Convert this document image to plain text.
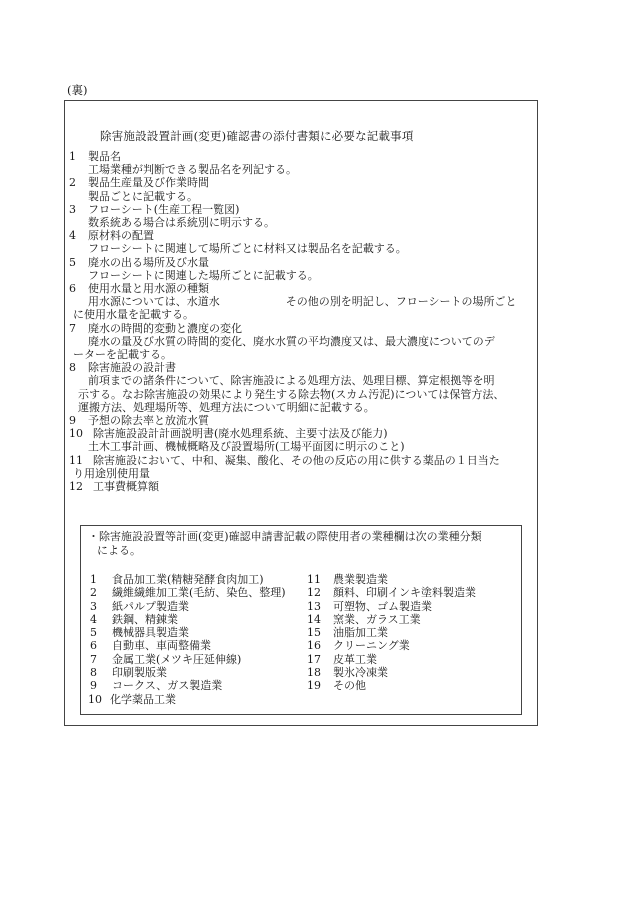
(裏)
除害施設設置計画(変更)確認書の添付書類に必要な記載事項
1	製品名
工場業種が判断できる製品名を列記する。
2	製品生産量及び作業時間
製品ごとに記載する。
3	フローシート(生産工程一覧図)
数系統ある場合は系統別に明示する。
4	原材料の配置
フローシートに関連して場所ごとに材料又は製品名を記載する。
5	廃水の出る場所及び水量
フローシートに関連した場所ごとに記載する。
6	使用水量と用水源の種類
用水源については、水道水	その他の別を明記し、フローシートの場所ごと
に使用水量を記載する。
7	廃水の時間的変動と濃度の変化
廃水の量及び水質の時間的変化、廃水水質の平均濃度又は、最大濃度についてのデ
ーターを記載する。
8	除害施設の設計書
前項までの諸条件について、除害施設による処理方法、処理目標、算定根拠等を明
示する。なお除害施設の効果により発生する除去物(スカム汚泥)については保管方法、
運搬方法、処理場所等、処理方法について明細に記載する。
9	予想の除去率と放流水質
10 除害施設設計計画説明書(廃水処理系統、主要寸法及び能力)
土木工事計画、機械概略及び設置場所(工場平面図に明示のこと)
11 除害施設において、中和、凝集、酸化、その他の反応の用に供する薬品の１日当た
り用途別使用量
12 工事費概算額
・除害施設設置等計画(変更)確認申請書記載の際使用者の業種欄は次の業種分類
による。
1	食品加工業(精糖発酵食肉加工)
2	繊維繊維加工業(毛紡、染色、整理)
3	紙パルプ製造業
4	鉄鋼、精錬業
5	機械器具製造業
6	自動車、車両整備業
7	金属工業(メツキ圧延伸線)
8	印刷製版業
9	コークス、ガス製造業
10 化学薬品工業
11	農業製造業
12	顔料、印刷インキ塗料製造業
13	可塑物、ゴム製造業
14	窯業、ガラス工業
15	油脂加工業
16	クリーニング業
17	皮革工業
18	製氷冷凍業
19	その他
